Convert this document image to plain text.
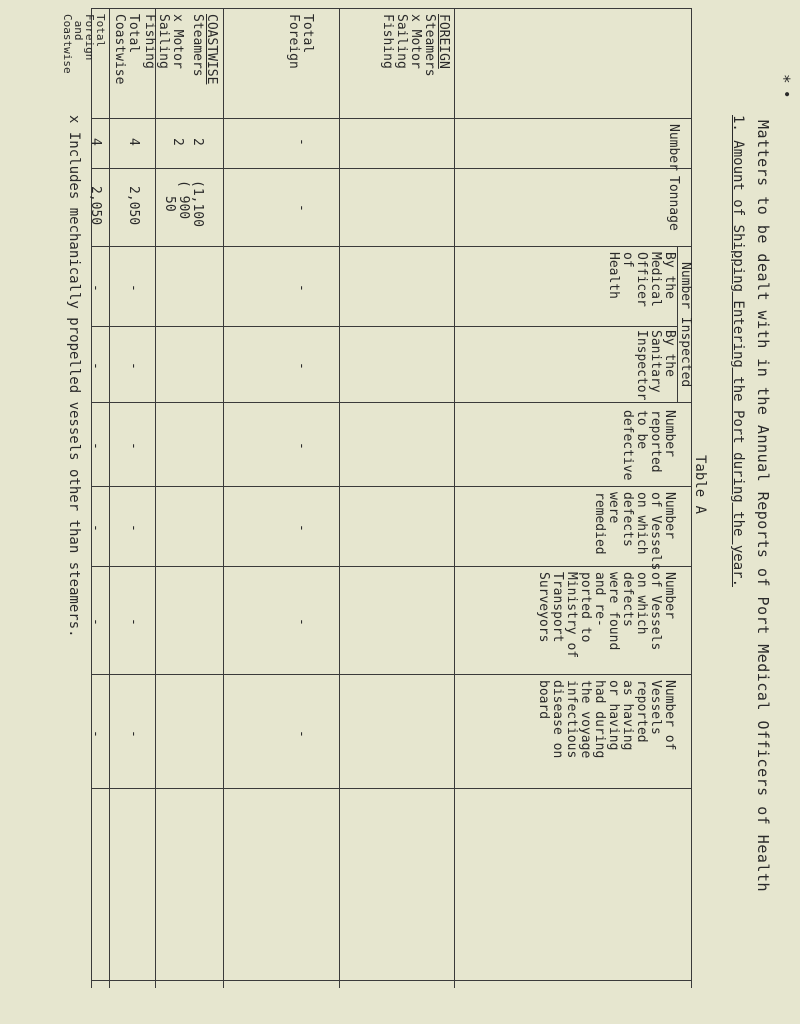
*
•
Matters to be dealt with in the Annual Reports of Port Medical Officers of Health
1. Amount of Shipping Entering the Port during the year.
Table A
Number
Tonnage
Number Inspected
By the
Medical
Officer
of
Health
By the
Sanitary
Inspector
Number
reported
to be
defective
Number
of Vessels
on which
defects
were
remedied
Number
of Vessels
on which
defects
were found
and re-
ported to
Ministry of
Transport
Surveyors
Number of
Vessels
reported
as having
or having
had during
the voyage
infectious
disease on
board
FOREIGN
Steamers
x Motor
Sailing
Fishing
Total
Foreign
COASTWISE
Steamers
x Motor
Sailing
Fishing
Total
Coastwise
Total
Foreign
and
Coastwise
-
-
-
-
-
-
-
-
2
(1,100
2
( 900
50
4
2,050
-
-
-
-
-
-
4
2,050
-
-
-
-
-
-
x Includes mechanically propelled vessels other than steamers.
